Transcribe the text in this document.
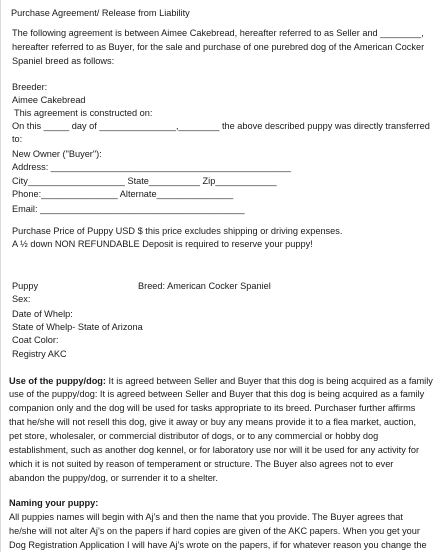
Purchase Agreement/ Release from Liability
The following agreement is between Aimee Cakebread, hereafter referred to as Seller and ________,
hereafter referred to as Buyer, for the sale and purchase of one purebred dog of the American Cocker
Spaniel breed as follows:
Breeder:
Aimee Cakebread
This agreement is constructed on:
On this _____ day of _______________,________ the above described puppy was directly transferred
to:
New Owner ("Buyer"):
Address: _______________________________________________
City___________________ State__________ Zip____________
Phone:_______________ Alternate_______________
Email: ________________________________________
Purchase Price of Puppy USD $ this price excludes shipping or driving expenses.
A ½ down NON REFUNDABLE Deposit is required to reserve your puppy!
Puppy	Breed: American Cocker Spaniel
Sex:
Date of Whelp:
State of Whelp- State of Arizona
Coat Color:
Registry AKC
Use of the puppy/dog: It is agreed between Seller and Buyer that this dog is being acquired as a family
use of the puppy/dog: It is agreed between Seller and Buyer that this dog is being acquired as a family
companion only and the dog will be used for tasks appropriate to its breed. Purchaser further affirms
that he/she will not resell this dog, give it away or buy any means provide it to a flea market, auction,
pet store, wholesaler, or commercial distributor of dogs, or to any commercial or hobby dog
establishment, such as another dog kennel, or for laboratory use nor will it be used for any activity for
which it is not suited by reason of temperament or structure. The Buyer also agrees not to ever
abandon the puppy/dog, or surrender it to a shelter.
Naming your puppy:
All puppies names will begin with Aj’s and then the name that you provide. The Buyer agrees that
he/she will not alter Aj’s on the papers if hard copies are given of the AKC papers. When you get your
Dog Registration Application I will have Aj’s wrote on the papers, if for whatever reason you change the
